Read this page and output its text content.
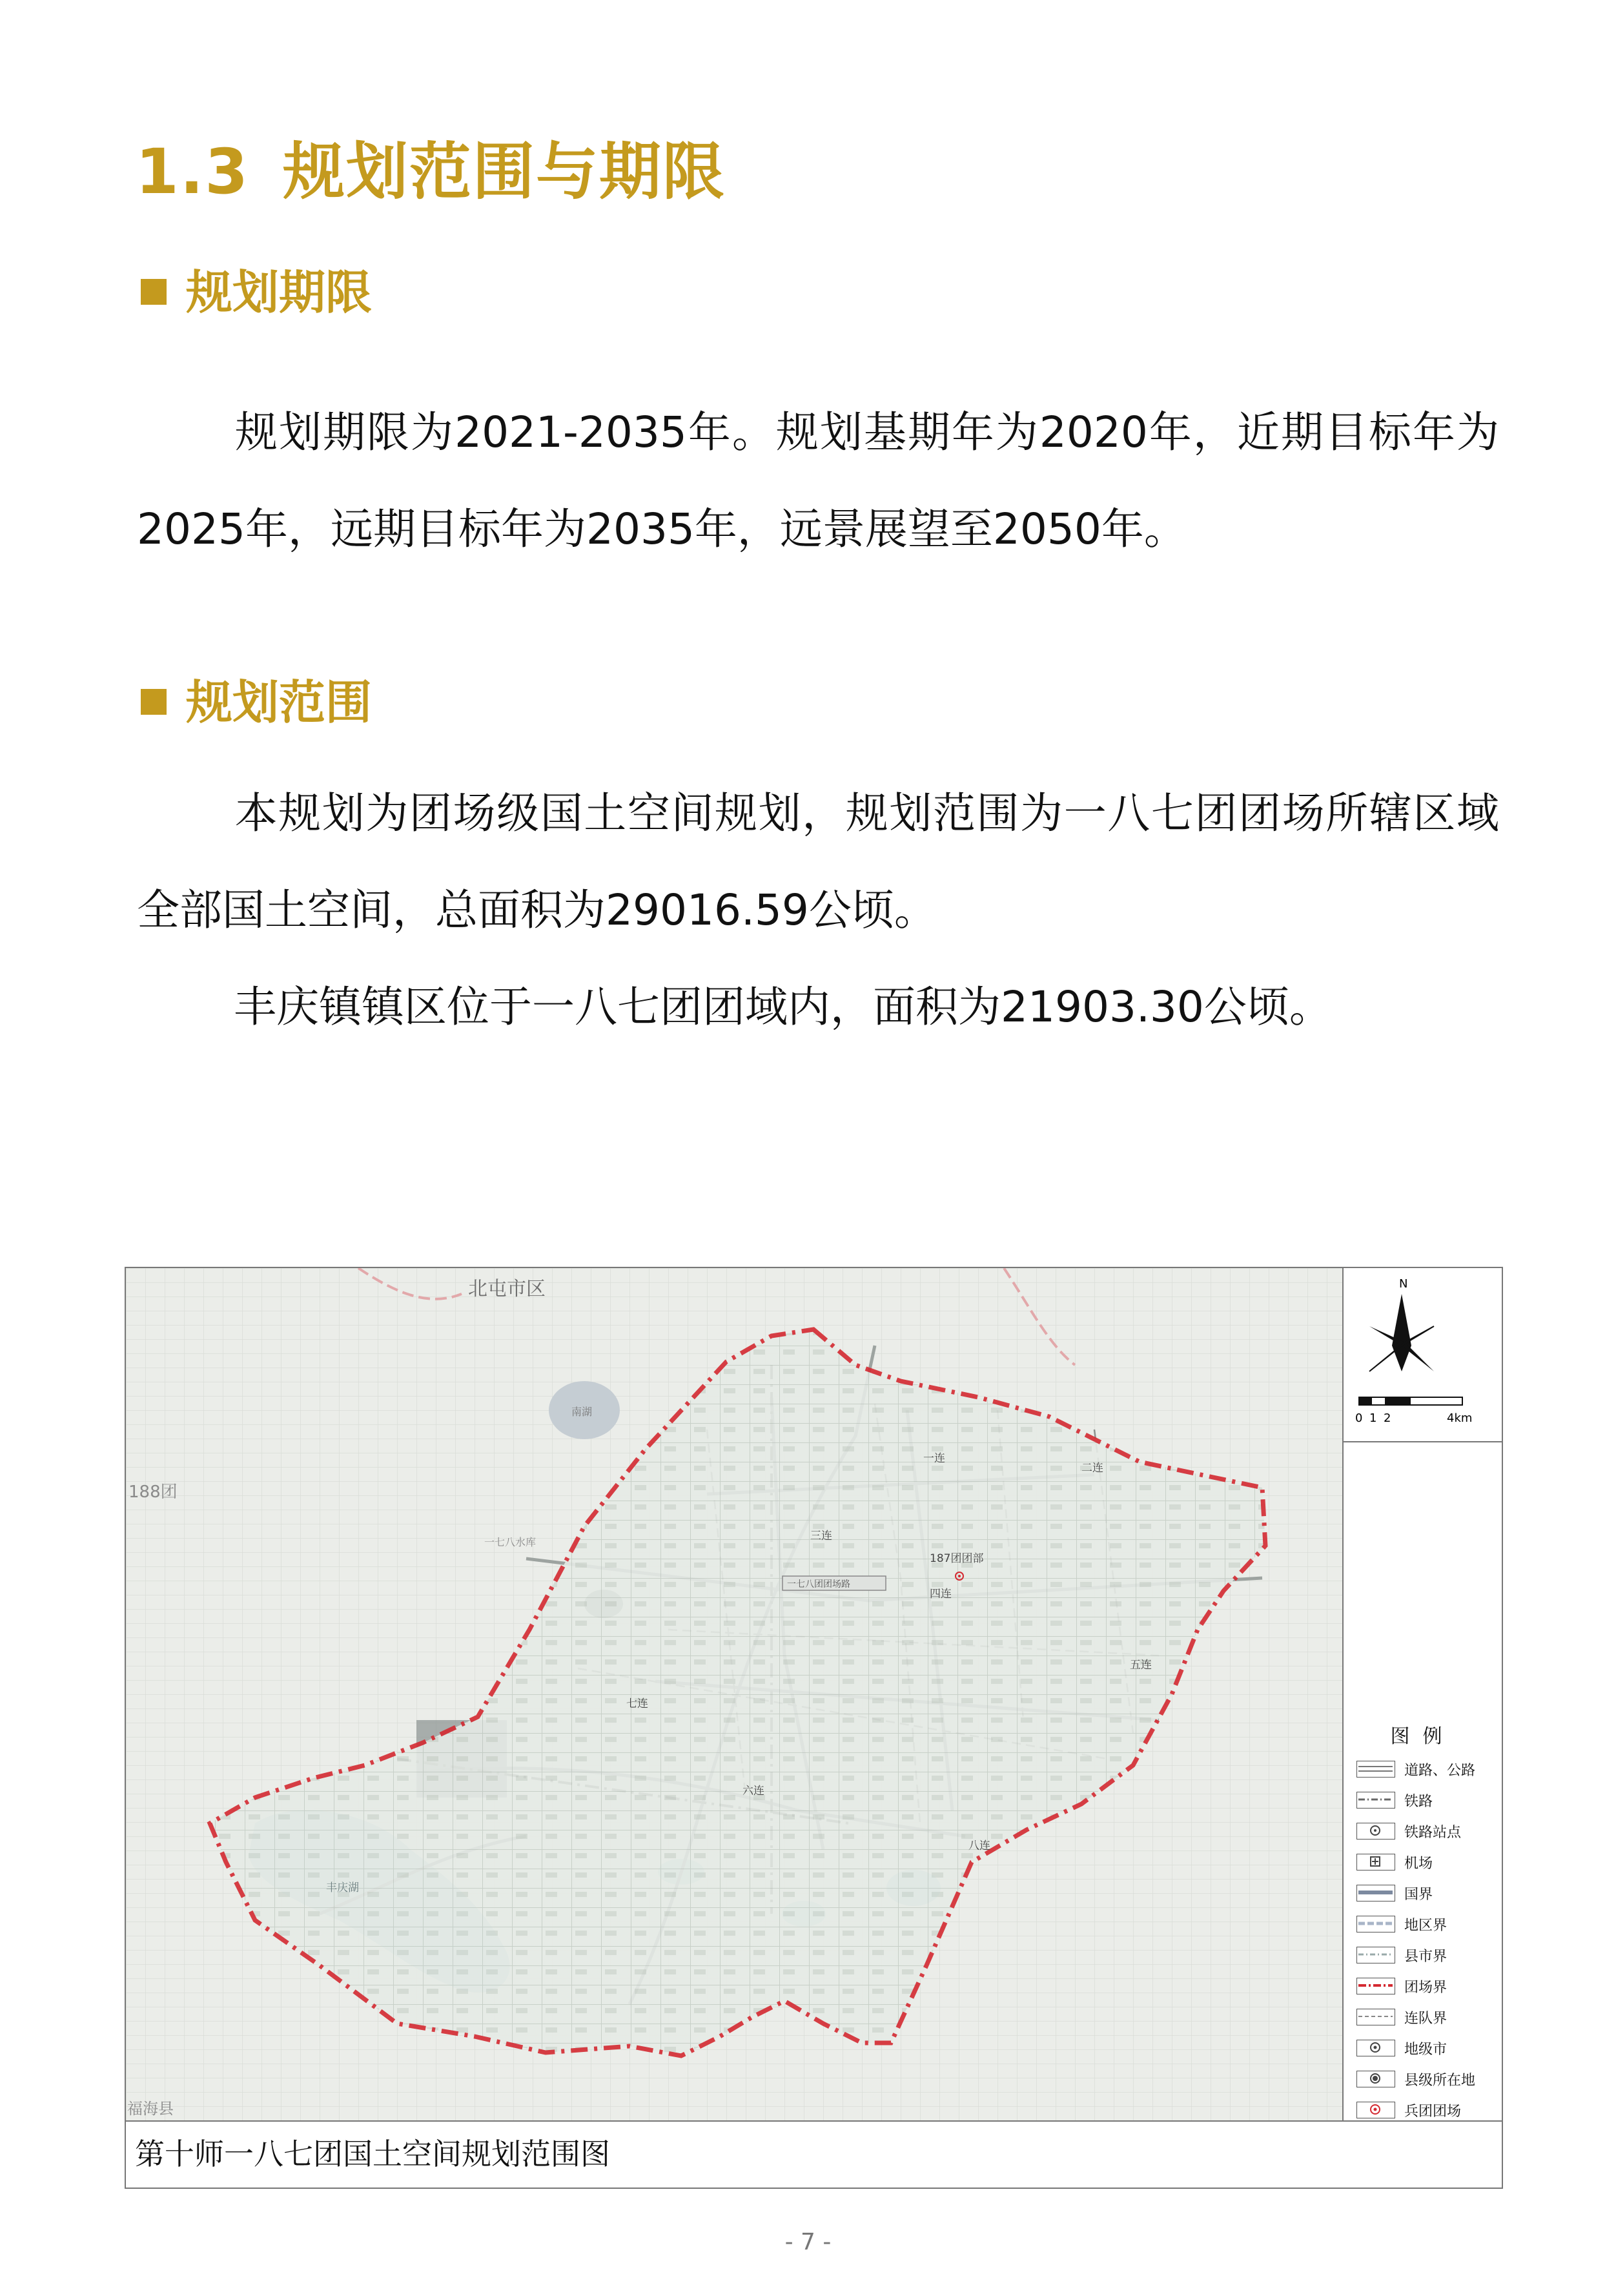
1.3 规划范围与期限
规划期限
规划期限为2021-2035年。规划基期年为2020年，近期目标年为2025年，远期目标年为2035年，远景展望至2050年。
规划范围
本规划为团场级国土空间规划，规划范围为一八七团团场所辖区域全部国土空间，总面积为29016.59公顷。
丰庆镇镇区位于一八七团团域内，面积为21903.30公顷。
北屯市区
188团
南湖
一七八水库
一连
二连
三连
四连
五连
六连
七连
八连
187团团部
一七八团团场路
丰庆湖
福海县
N
0 1 2	4km
图例
道路、公路
铁路
铁路站点
机场
国界
地区界
县市界
团场界
连队界
地级市
县级所在地
兵团团场
第十师一八七团国土空间规划范围图
- 7 -
